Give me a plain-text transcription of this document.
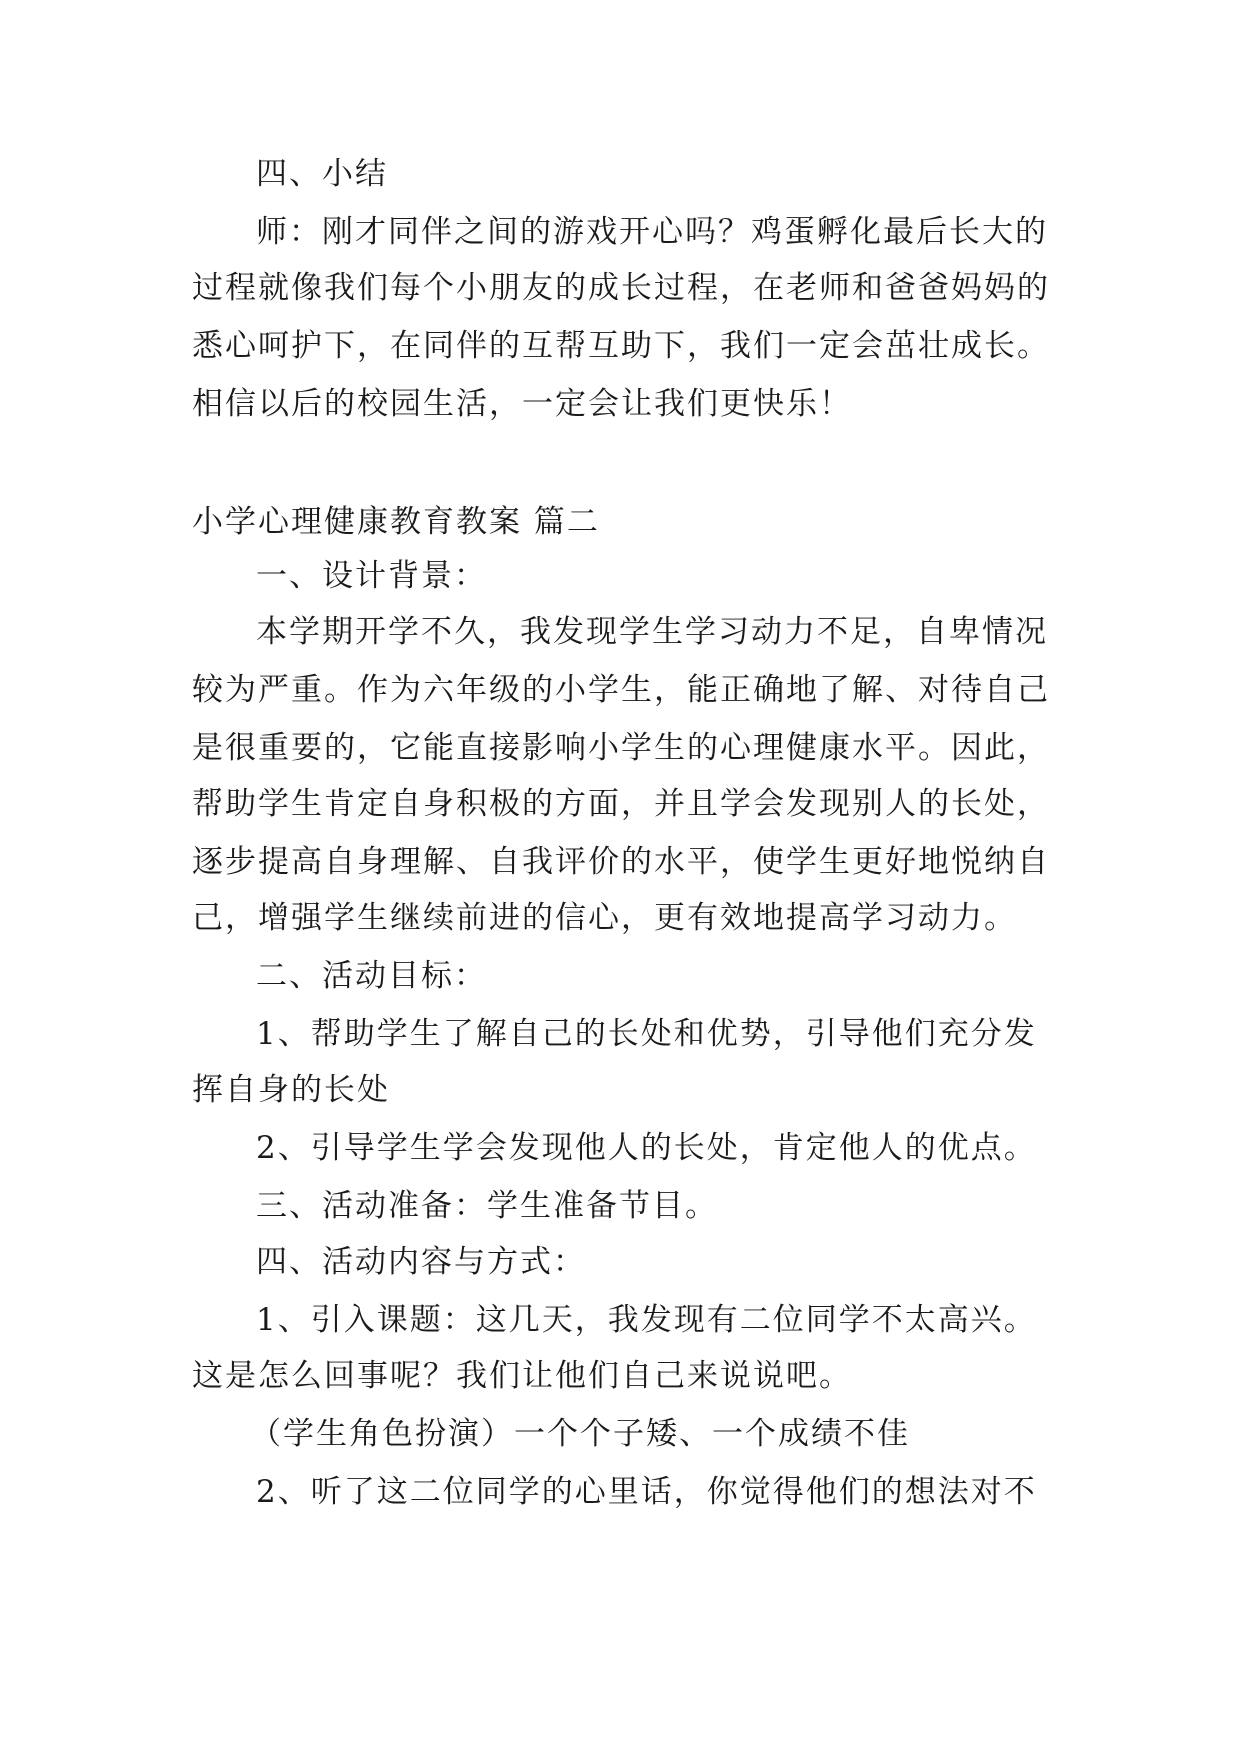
四、小结
师：刚才同伴之间的游戏开心吗？鸡蛋孵化最后长大的
过程就像我们每个小朋友的成长过程，在老师和爸爸妈妈的
悉心呵护下，在同伴的互帮互助下，我们一定会茁壮成长。
相信以后的校园生活，一定会让我们更快乐！
小学心理健康教育教案 篇二
一、设计背景：
本学期开学不久，我发现学生学习动力不足，自卑情况
较为严重。作为六年级的小学生，能正确地了解、对待自己
是很重要的，它能直接影响小学生的心理健康水平。因此，
帮助学生肯定自身积极的方面，并且学会发现别人的长处，
逐步提高自身理解、自我评价的水平，使学生更好地悦纳自
己，增强学生继续前进的信心，更有效地提高学习动力。
二、活动目标：
1、帮助学生了解自己的长处和优势，引导他们充分发
挥自身的长处
2、引导学生学会发现他人的长处，肯定他人的优点。
三、活动准备：学生准备节目。
四、活动内容与方式：
1、引入课题：这几天，我发现有二位同学不太高兴。
这是怎么回事呢？我们让他们自己来说说吧。
（学生角色扮演）一个个子矮、一个成绩不佳
2、听了这二位同学的心里话，你觉得他们的想法对不
